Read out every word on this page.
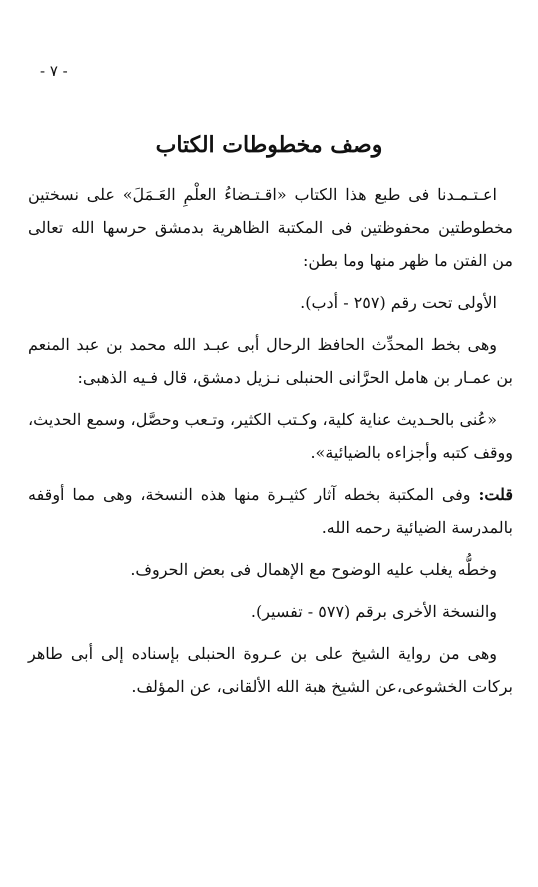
- ٧ -
وصف مخطوطات الكتاب

اعـتـمـدنا فى طبع هذا الكتاب «اقـتـضاءُ العلْمِ العَـمَلَ» على نسختين مخطوطتين محفوظتين فى المكتبة الظاهرية بدمشق حرسها الله تعالى من الفتن ما ظهر منها وما بطن:

الأولى تحت رقم (٢٥٧ - أدب).

وهى بخط المحدِّث الحافظ الرحال أبى عبـد الله محمد بن عبد المنعم بن عمـار بن هامل الحرَّانى الحنبلى نـزيل دمشق، قال فـيه الذهبى:

«عُنى بالحـديث عناية كلية، وكـتب الكثير، وتـعب وحصَّل، وسمع الحديث، ووقف كتبه وأجزاءه بالضيائية».

قلت: وفى المكتبة بخطه آثار كثيـرة منها هذه النسخة، وهى مما أوقفه بالمدرسة الضيائية رحمه الله.

وخطُّه يغلب عليه الوضوح مع الإهمال فى بعض الحروف.

والنسخة الأخرى برقم (٥٧٧ - تفسير).

وهى من رواية الشيخ على بن عـروة الحنبلى بإسناده إلى أبى طاهر بركات الخشوعى،عن الشيخ هبة الله الألقانى، عن المؤلف.
